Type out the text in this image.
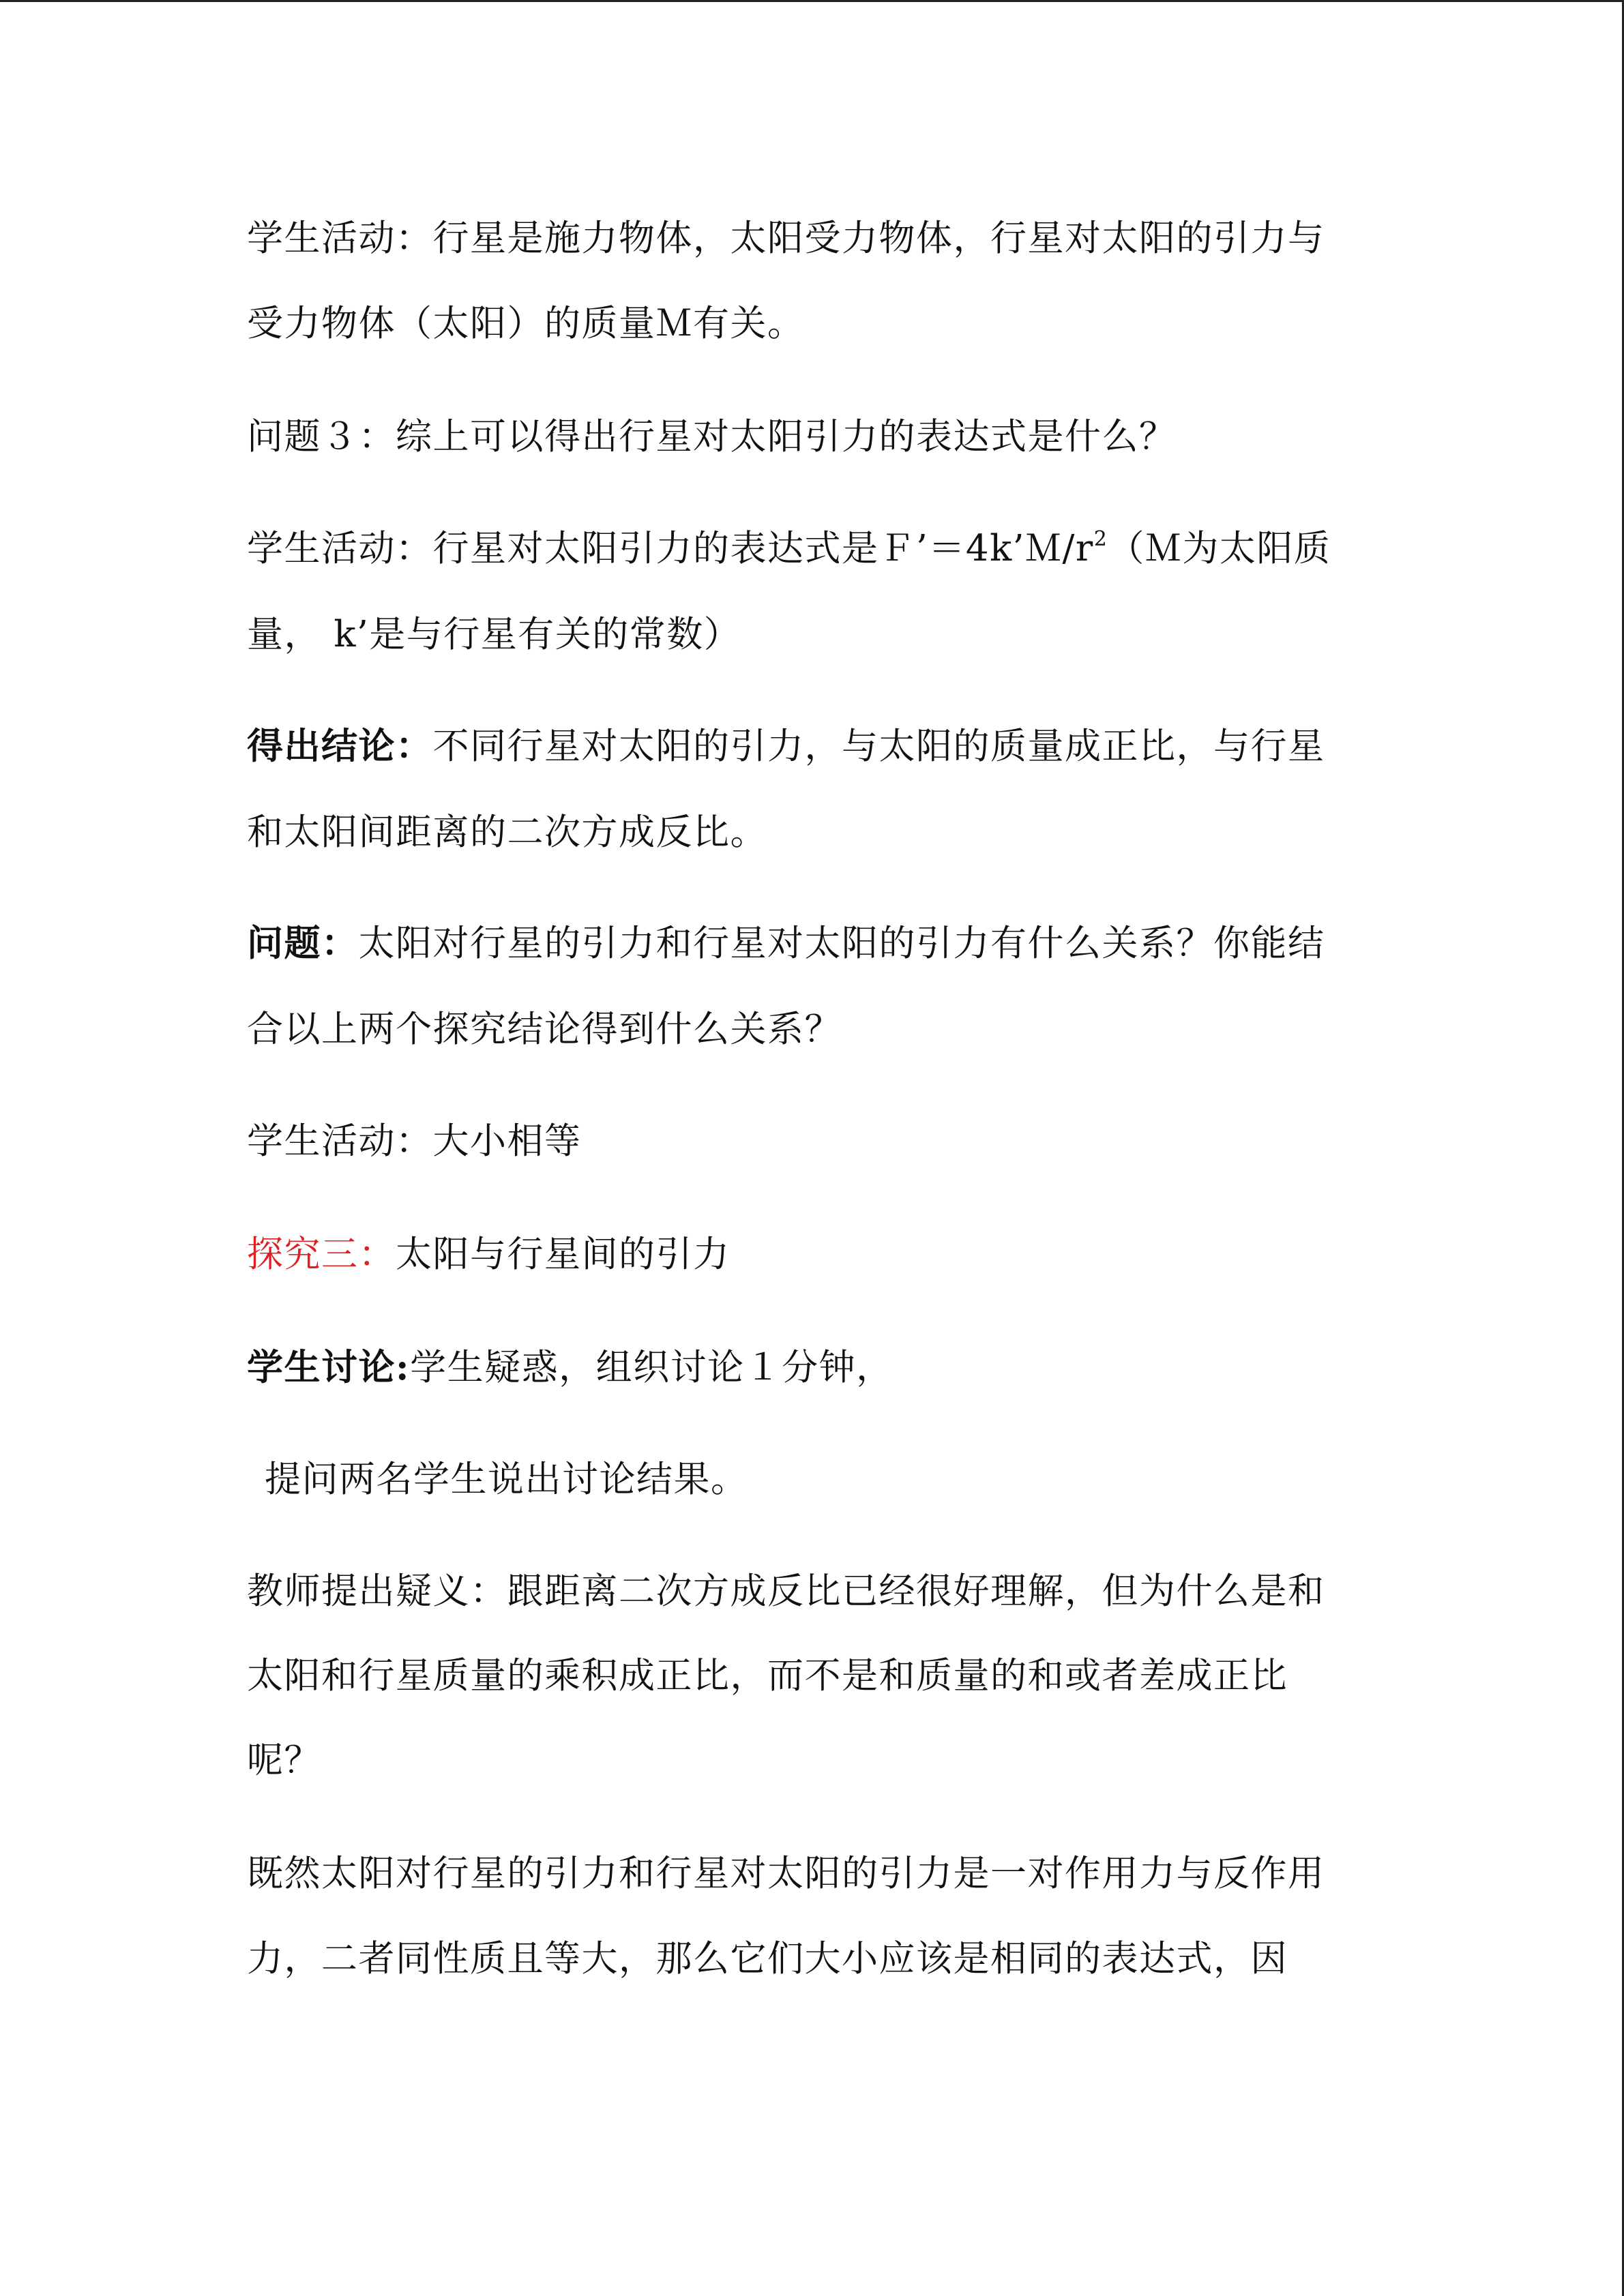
学生活动：行星是施力物体，太阳受力物体，行星对太阳的引力与
受力物体（太阳）的质量Ｍ有关。
问题３：综上可以得出行星对太阳引力的表达式是什么？
学生活动：行星对太阳引力的表达式是$F’=4k’M/r^2(M$为太阳质
量， k’是与行星有关的常数）
得出结论：不同行星对太阳的引力，与太阳的质量成正比，与行星
和太阳间距离的二次方成反比。
问题：太阳对行星的引力和行星对太阳的引力有什么关系？你能结
合以上两个探究结论得到什么关系？
学生活动：大小相等
探究三：太阳与行星间的引力
学生讨论:学生疑惑，组织讨论１分钟，
提问两名学生说出讨论结果。
教师提出疑义：跟距离二次方成反比已经很好理解，但为什么是和
太阳和行星质量的乘积成正比，而不是和质量的和或者差成正比
呢？
既然太阳对行星的引力和行星对太阳的引力是一对作用力与反作用
力，二者同性质且等大，那么它们大小应该是相同的表达式，因
